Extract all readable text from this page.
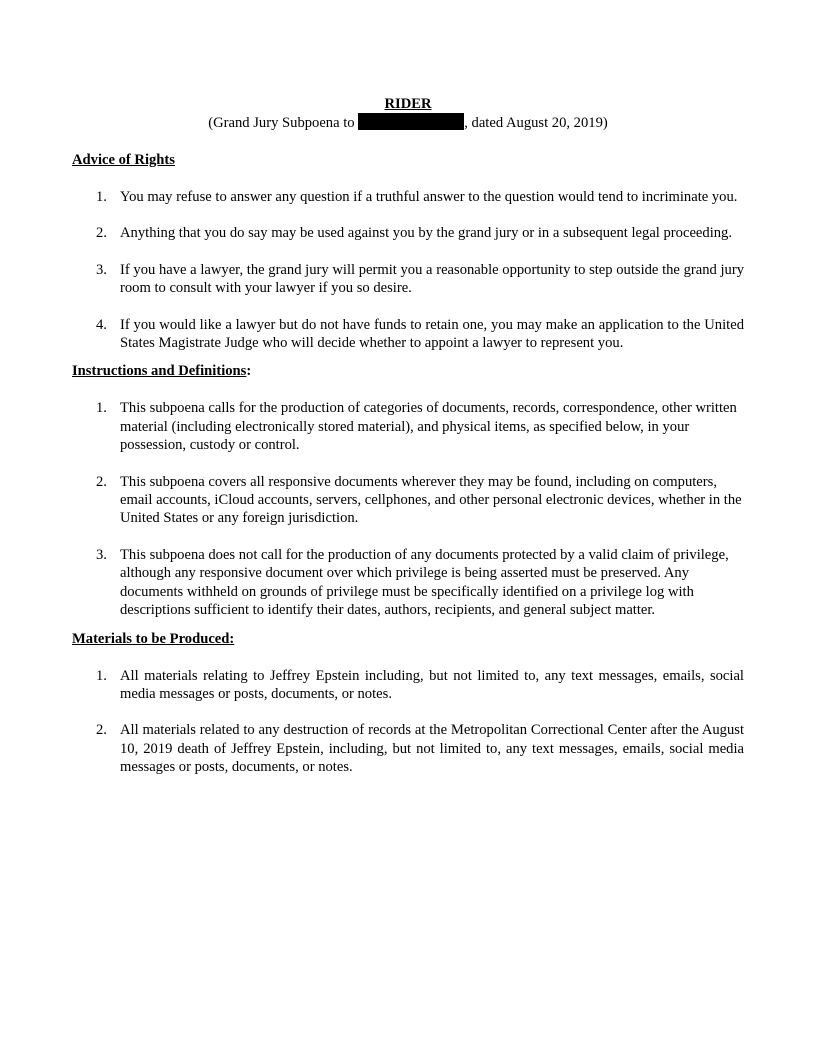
RIDER

(Grand Jury Subpoena to	, dated August 20, 2019)

Advice of Rights

1. You may refuse to answer any question if a truthful answer to the question would tend to incriminate you.
2. Anything that you do say may be used against you by the grand jury or in a subsequent legal proceeding.
3. If you have a lawyer, the grand jury will permit you a reasonable opportunity to step outside the grand jury room to consult with your lawyer if you so desire.
4. If you would like a lawyer but do not have funds to retain one, you may make an application to the United States Magistrate Judge who will decide whether to appoint a lawyer to represent you.

Instructions and Definitions:

1. This subpoena calls for the production of categories of documents, records, correspondence, other written material (including electronically stored material), and physical items, as specified below, in your possession, custody or control.
2. This subpoena covers all responsive documents wherever they may be found, including on computers, email accounts, iCloud accounts, servers, cellphones, and other personal electronic devices, whether in the United States or any foreign jurisdiction.
3. This subpoena does not call for the production of any documents protected by a valid claim of privilege, although any responsive document over which privilege is being asserted must be preserved. Any documents withheld on grounds of privilege must be specifically identified on a privilege log with descriptions sufficient to identify their dates, authors, recipients, and general subject matter.

Materials to be Produced:

1. All materials relating to Jeffrey Epstein including, but not limited to, any text messages, emails, social media messages or posts, documents, or notes.
2. All materials related to any destruction of records at the Metropolitan Correctional Center after the August 10, 2019 death of Jeffrey Epstein, including, but not limited to, any text messages, emails, social media messages or posts, documents, or notes.
